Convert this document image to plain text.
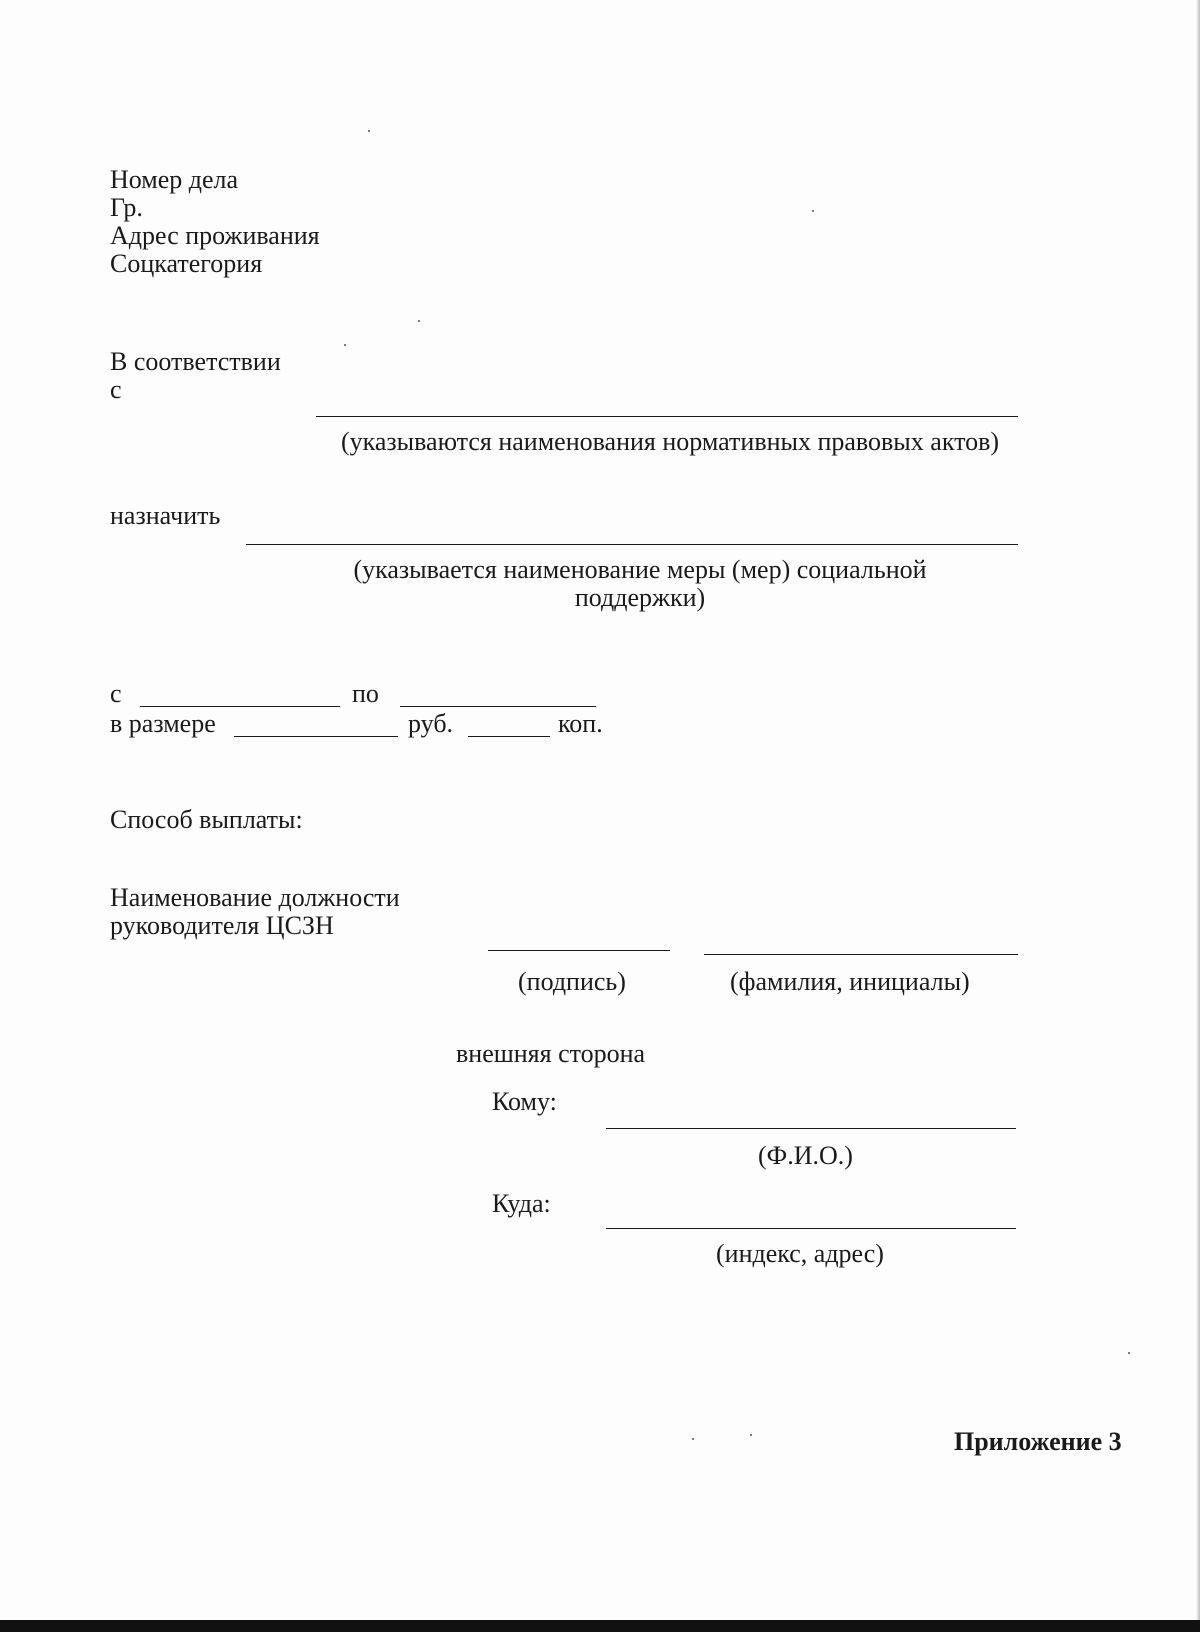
Номер дела
Гр.
Адрес проживания
Соцкатегория
В соответствии
с
(указываются наименования нормативных правовых актов)
назначить
(указывается наименование меры (мер) социальной поддержки)
с	по
в размере	руб.	коп.
Способ выплаты:
Наименование должности
руководителя ЦСЗН
(подпись)	(фамилия, инициалы)
внешняя сторона
Кому:
(Ф.И.О.)
Куда:
(индекс, адрес)
Приложение 3
